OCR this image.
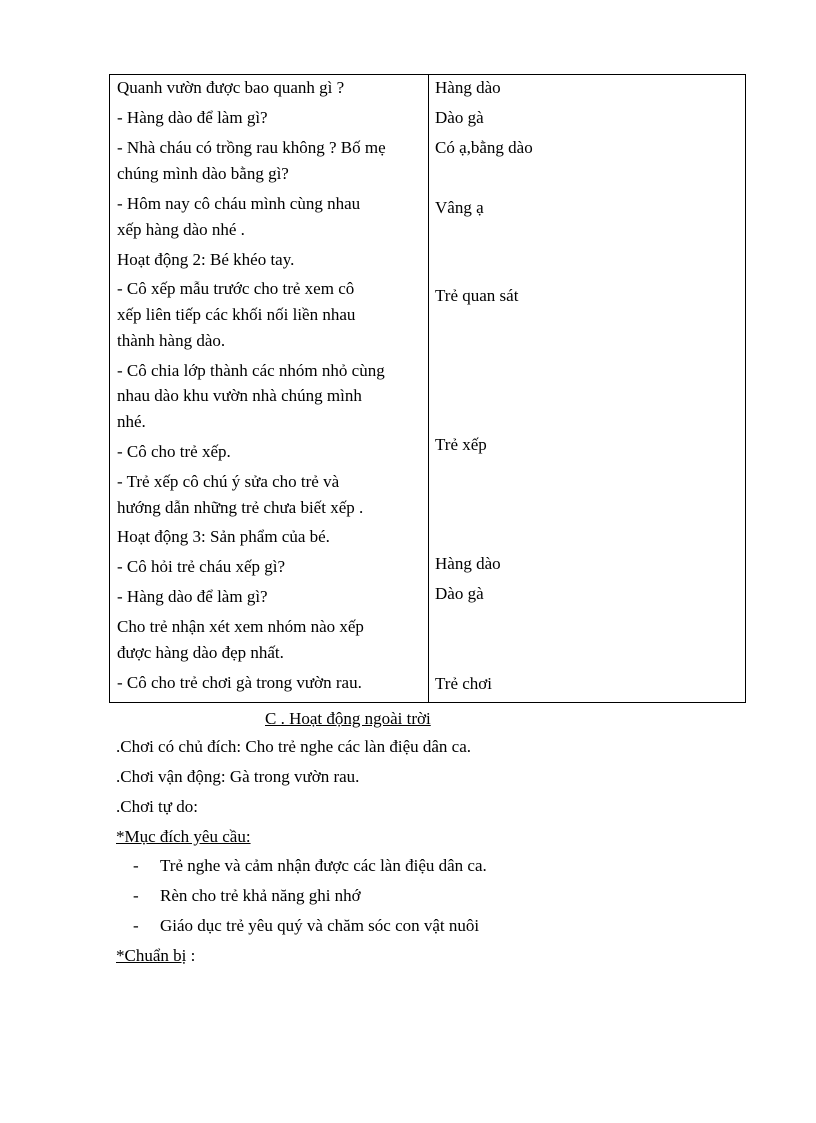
Quanh vườn được bao quanh gì ?
- Hàng dào để làm gì?
- Nhà cháu có trồng rau không ? Bố mẹ
chúng mình dào bằng gì?
- Hôm nay cô cháu mình cùng nhau
xếp hàng dào nhé .
Hoạt động 2: Bé khéo tay.
- Cô xếp mẫu trước cho trẻ xem cô
xếp liên tiếp các khối nối liền nhau
thành hàng dào.
- Cô chia lớp thành các nhóm nhỏ cùng
nhau dào khu vườn nhà chúng mình
nhé.
- Cô cho trẻ xếp.
- Trẻ xếp cô chú ý sửa cho trẻ và
hướng dẫn những trẻ chưa biết xếp .
Hoạt động 3: Sản phẩm của bé.
- Cô hỏi trẻ cháu xếp gì?
- Hàng dào để làm gì?
Cho trẻ nhận xét xem nhóm nào xếp
được hàng dào đẹp nhất.
- Cô cho trẻ chơi gà trong vườn rau.
Hàng dào
Dào gà
Có ạ,bằng dào
Vâng ạ
Trẻ quan sát
Trẻ xếp
Hàng dào
Dào gà
Trẻ chơi
C . Hoạt động ngoài trời
.Chơi có chủ đích: Cho trẻ nghe các làn điệu dân ca.
.Chơi vận động: Gà trong vườn rau.
.Chơi tự do:
*Mục đích yêu cầu:
- Trẻ nghe và cảm nhận được các làn điệu dân ca.
- Rèn cho trẻ khả năng ghi nhớ
- Giáo dục trẻ yêu quý và chăm sóc con vật nuôi
*Chuẩn bị :
